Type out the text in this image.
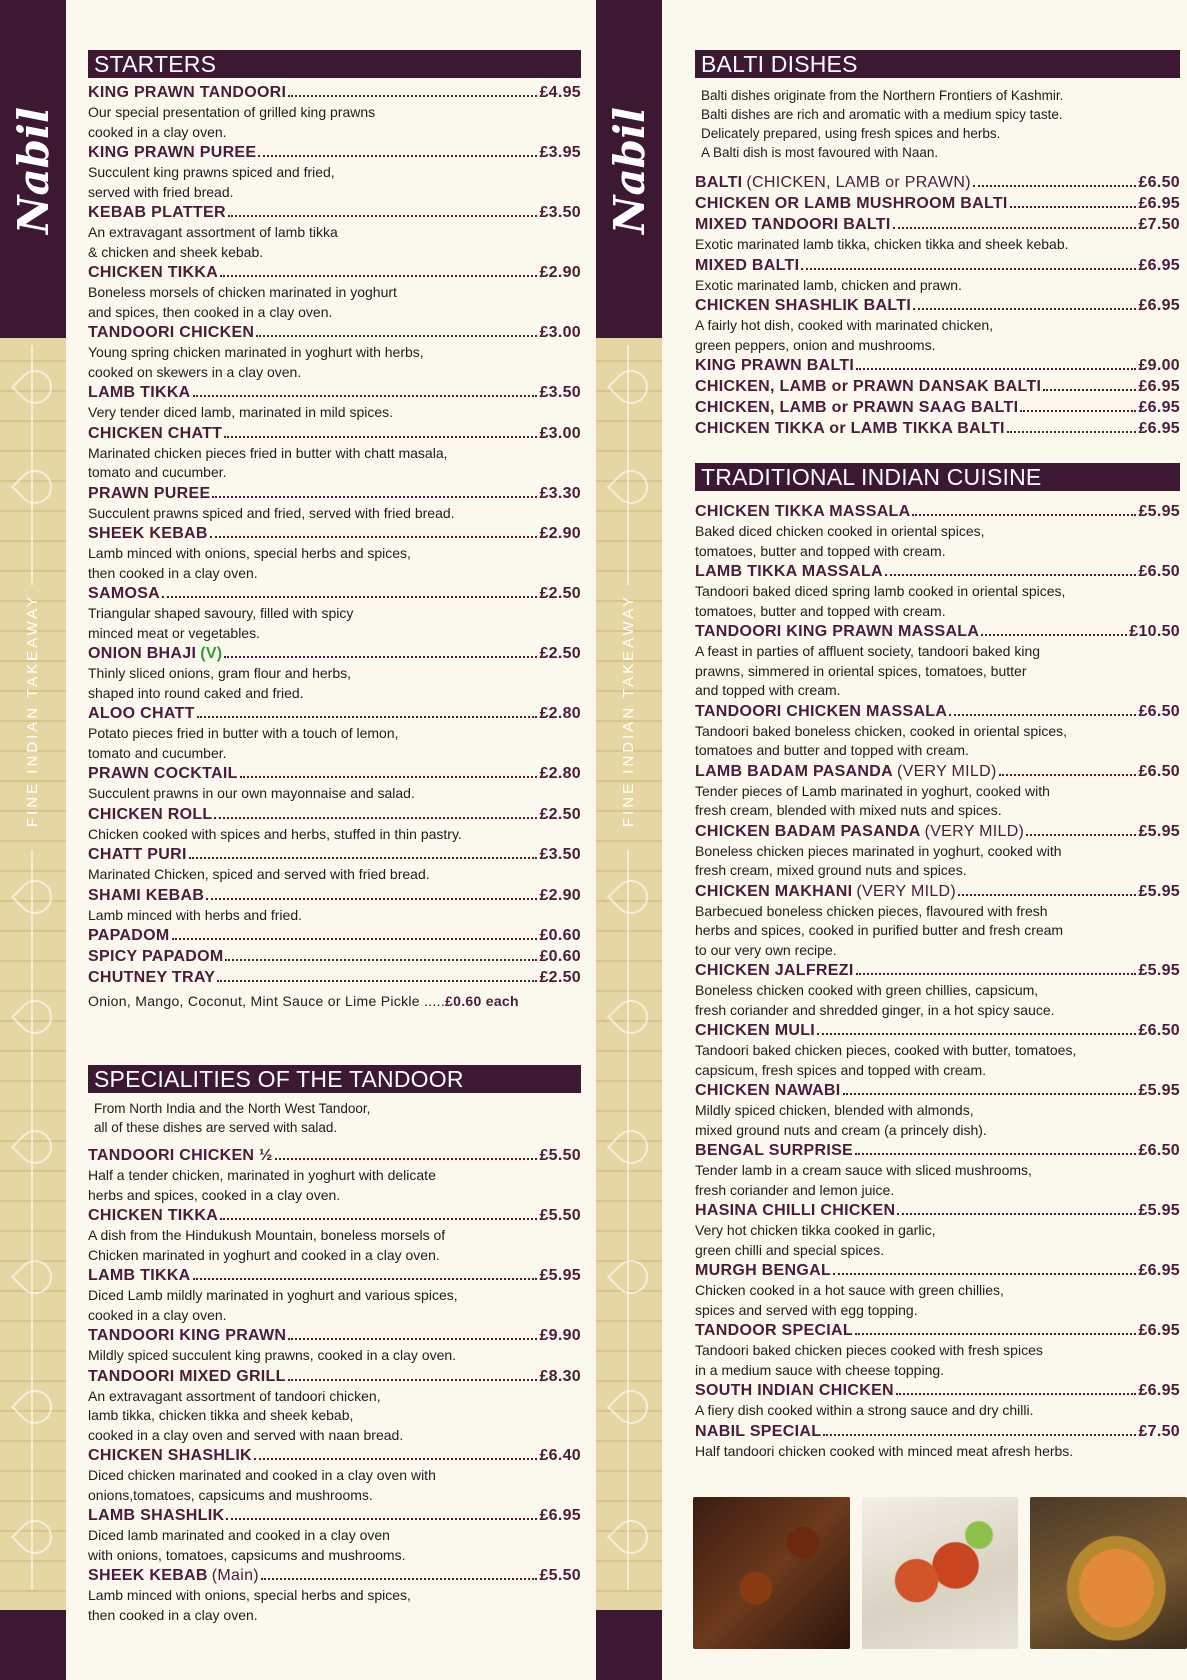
Nabil
FINE INDIAN TAKEAWAY
STARTERS
KING PRAWN TANDOORI	£4.95
Our special presentation of grilled king prawns
cooked in a clay oven.
KING PRAWN PUREE	£3.95
Succulent king prawns spiced and fried,
served with fried bread.
KEBAB PLATTER	£3.50
An extravagant assortment of lamb tikka
& chicken and sheek kebab.
CHICKEN TIKKA	£2.90
Boneless morsels of chicken marinated in yoghurt
and spices, then cooked in a clay oven.
TANDOORI CHICKEN	£3.00
Young spring chicken marinated in yoghurt with herbs,
cooked on skewers in a clay oven.
LAMB TIKKA	£3.50
Very tender diced lamb, marinated in mild spices.
CHICKEN CHATT	£3.00
Marinated chicken pieces fried in butter with chatt masala,
tomato and cucumber.
PRAWN PUREE	£3.30
Succulent prawns spiced and fried, served with fried bread.
SHEEK KEBAB	£2.90
Lamb minced with onions, special herbs and spices,
then cooked in a clay oven.
SAMOSA	£2.50
Triangular shaped savoury, filled with spicy
minced meat or vegetables.
ONION BHAJI (V)	£2.50
Thinly sliced onions, gram flour and herbs,
shaped into round caked and fried.
ALOO CHATT	£2.80
Potato pieces fried in butter with a touch of lemon,
tomato and cucumber.
PRAWN COCKTAIL	£2.80
Succulent prawns in our own mayonnaise and salad.
CHICKEN ROLL	£2.50
Chicken cooked with spices and herbs, stuffed in thin pastry.
CHATT PURI	£3.50
Marinated Chicken, spiced and served with fried bread.
SHAMI KEBAB	£2.90
Lamb minced with herbs and fried.
PAPADOM	£0.60
SPICY PAPADOM	£0.60
CHUTNEY TRAY	£2.50
Onion, Mango, Coconut, Mint Sauce or Lime Pickle ..... £0.60 each
SPECIALITIES OF THE TANDOOR
From North India and the North West Tandoor,
all of these dishes are served with salad.
TANDOORI CHICKEN ½	£5.50
Half a tender chicken, marinated in yoghurt with delicate
herbs and spices, cooked in a clay oven.
CHICKEN TIKKA	£5.50
A dish from the Hindukush Mountain, boneless morsels of
Chicken marinated in yoghurt and cooked in a clay oven.
LAMB TIKKA	£5.95
Diced Lamb mildly marinated in yoghurt and various spices,
cooked in a clay oven.
TANDOORI KING PRAWN	£9.90
Mildly spiced succulent king prawns, cooked in a clay oven.
TANDOORI MIXED GRILL	£8.30
An extravagant assortment of tandoori chicken,
lamb tikka, chicken tikka and sheek kebab,
cooked in a clay oven and served with naan bread.
CHICKEN SHASHLIK	£6.40
Diced chicken marinated and cooked in a clay oven with
onions,tomatoes, capsicums and mushrooms.
LAMB SHASHLIK	£6.95
Diced lamb marinated and cooked in a clay oven
with onions, tomatoes, capsicums and mushrooms.
SHEEK KEBAB (Main)	£5.50
Lamb minced with onions, special herbs and spices,
then cooked in a clay oven.
Nabil
FINE INDIAN TAKEAWAY
BALTI DISHES
Balti dishes originate from the Northern Frontiers of Kashmir.
Balti dishes are rich and aromatic with a medium spicy taste.
Delicately prepared, using fresh spices and herbs.
A Balti dish is most favoured with Naan.
BALTI (CHICKEN, LAMB or PRAWN)	£6.50
CHICKEN OR LAMB MUSHROOM BALTI	£6.95
MIXED TANDOORI BALTI	£7.50
Exotic marinated lamb tikka, chicken tikka and sheek kebab.
MIXED BALTI	£6.95
Exotic marinated lamb, chicken and prawn.
CHICKEN SHASHLIK BALTI	£6.95
A fairly hot dish, cooked with marinated chicken,
green peppers, onion and mushrooms.
KING PRAWN BALTI	£9.00
CHICKEN, LAMB or PRAWN DANSAK BALTI	£6.95
CHICKEN, LAMB or PRAWN SAAG BALTI	£6.95
CHICKEN TIKKA or LAMB TIKKA BALTI	£6.95
TRADITIONAL INDIAN CUISINE
CHICKEN TIKKA MASSALA	£5.95
Baked diced chicken cooked in oriental spices,
tomatoes, butter and topped with cream.
LAMB TIKKA MASSALA	£6.50
Tandoori baked diced spring lamb cooked in oriental spices,
tomatoes, butter and topped with cream.
TANDOORI KING PRAWN MASSALA	£10.50
A feast in parties of affluent society, tandoori baked king
prawns, simmered in oriental spices, tomatoes, butter
and topped with cream.
TANDOORI CHICKEN MASSALA	£6.50
Tandoori baked boneless chicken, cooked in oriental spices,
tomatoes and butter and topped with cream.
LAMB BADAM PASANDA (VERY MILD)	£6.50
Tender pieces of Lamb marinated in yoghurt, cooked with
fresh cream, blended with mixed nuts and spices.
CHICKEN BADAM PASANDA (VERY MILD)	£5.95
Boneless chicken pieces marinated in yoghurt, cooked with
fresh cream, mixed ground nuts and spices.
CHICKEN MAKHANI (VERY MILD)	£5.95
Barbecued boneless chicken pieces, flavoured with fresh
herbs and spices, cooked in purified butter and fresh cream
to our very own recipe.
CHICKEN JALFREZI	£5.95
Boneless chicken cooked with green chillies, capsicum,
fresh coriander and shredded ginger, in a hot spicy sauce.
CHICKEN MULI	£6.50
Tandoori baked chicken pieces, cooked with butter, tomatoes,
capsicum, fresh spices and topped with cream.
CHICKEN NAWABI	£5.95
Mildly spiced chicken, blended with almonds,
mixed ground nuts and cream (a princely dish).
BENGAL SURPRISE	£6.50
Tender lamb in a cream sauce with sliced mushrooms,
fresh coriander and lemon juice.
HASINA CHILLI CHICKEN	£5.95
Very hot chicken tikka cooked in garlic,
green chilli and special spices.
MURGH BENGAL	£6.95
Chicken cooked in a hot sauce with green chillies,
spices and served with egg topping.
TANDOOR SPECIAL	£6.95
Tandoori baked chicken pieces cooked with fresh spices
in a medium sauce with cheese topping.
SOUTH INDIAN CHICKEN	£6.95
A fiery dish cooked within a strong sauce and dry chilli.
NABIL SPECIAL	£7.50
Half tandoori chicken cooked with minced meat afresh herbs.
